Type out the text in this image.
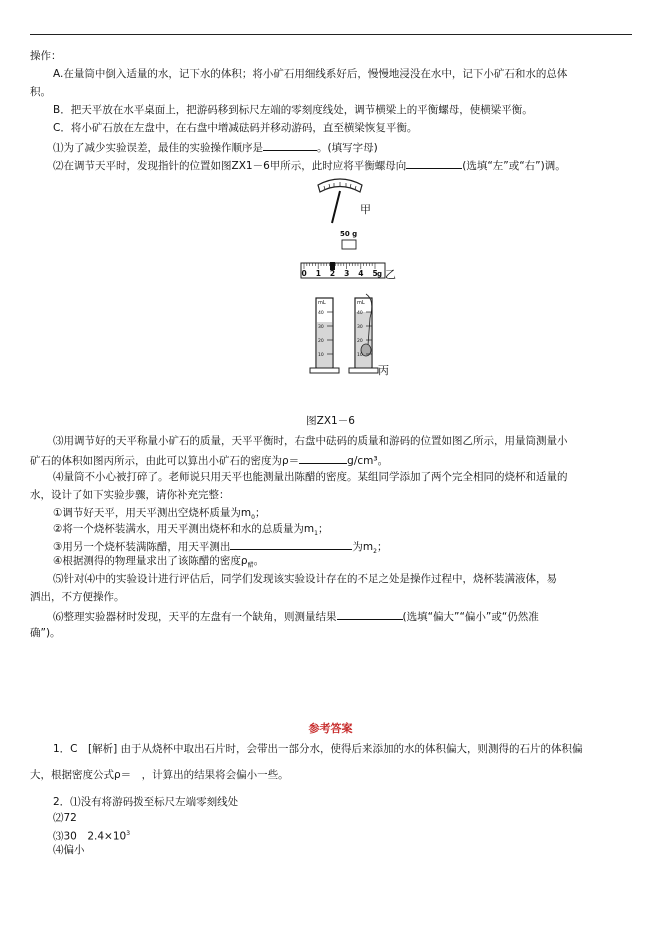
操作：
A.在量筒中倒入适量的水，记下水的体积；将小矿石用细线系好后，慢慢地浸没在水中，记下小矿石和水的总体
积。
B．把天平放在水平桌面上，把游码移到标尺左端的零刻度线处，调节横梁上的平衡螺母，使横梁平衡。
C．将小矿石放在左盘中，在右盘中增减砝码并移动游码，直至横梁恢复平衡。
⑴为了减少实验误差，最佳的实验操作顺序是	。(填写字母)
⑵在调节天平时，发现指针的位置如图ZX1－6甲所示，此时应将平衡螺母向	(选填“左”或“右”)调。
甲
50 g
0 1 2 3 4 5 g 乙
mL	mL
40
30
20
10
40
30
20
10
丙
图ZX1－6
⑶用调节好的天平称量小矿石的质量，天平平衡时，右盘中砝码的质量和游码的位置如图乙所示，用量筒测量小
矿石的体积如图丙所示，由此可以算出小矿石的密度为ρ＝	g/cm³。
⑷量筒不小心被打碎了。老师说只用天平也能测量出陈醋的密度。某组同学添加了两个完全相同的烧杯和适量的
水，设计了如下实验步骤，请你补充完整：
①调节好天平，用天平测出空烧杯质量为$m_0$；
②将一个烧杯装满水，用天平测出烧杯和水的总质量为$m_1$；
③用另一个烧杯装满陈醋，用天平测出	为$m_2$；
④根据测得的物理量求出了该陈醋的密度$\rho_醋$。
⑸针对⑷中的实验设计进行评估后，同学们发现该实验设计存在的不足之处是操作过程中，烧杯装满液体，易
洒出，不方便操作。
⑹整理实验器材时发现，天平的左盘有一个缺角，则测量结果	(选填“偏大”“偏小”或“仍然准
确”)。
参考答案
1．C　[解析] 由于从烧杯中取出石片时，会带出一部分水，使得后来添加的水的体积偏大，则测得的石片的体积偏
大，根据密度公式ρ＝　，计算出的结果将会偏小一些。
2．⑴没有将游码拨至标尺左端零刻线处
⑵72
⑶30　$2.4\times 10^3$
⑷偏小
